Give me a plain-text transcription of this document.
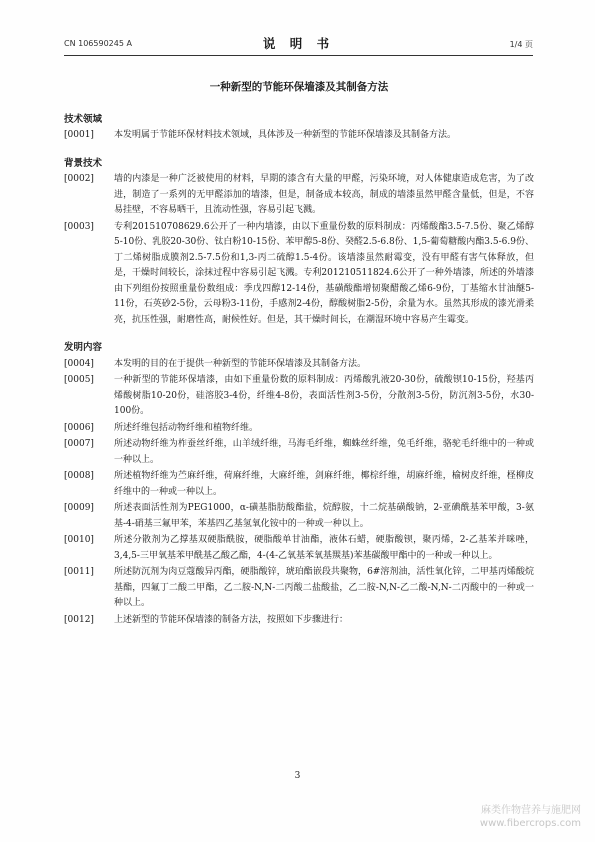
CN 106590245 A	说 明 书	1/4 页
一种新型的节能环保墙漆及其制备方法
技术领域
[0001]	本发明属于节能环保材料技术领域，具体涉及一种新型的节能环保墙漆及其制备方法。
背景技术
[0002]	墙的内漆是一种广泛被使用的材料，早期的漆含有大量的甲醛，污染环境，对人体健康造成危害，为了改进，制造了一系列的无甲醛添加的墙漆，但是，制备成本较高，制成的墙漆虽然甲醛含量低，但是，不容易挂壁，不容易晒干，且流动性强，容易引起飞溅。
[0003]	专利201510708629.6公开了一种内墙漆，由以下重量份数的原料制成：丙烯酸酯3.5-7.5份、聚乙烯醇5-10份、乳胶20-30份、钛白粉10-15份、苯甲醇5-8份、癸醛2.5-6.8份、1,5-葡萄糖酸内酯3.5-6.9份、丁二烯树脂成膜剂2.5-7.5份和1,3-丙二硫醇1.5-4份。该墙漆虽然耐霉变，没有甲醛有害气体释放，但是，干燥时间较长，涂抹过程中容易引起飞溅。专利201210511824.6公开了一种外墙漆，所述的外墙漆由下列组份按照重量份数组成：季戊四醇12-14份，基磺酸酯增韧聚醋酸乙烯6-9份，丁基缩水甘油醚5-11份，石英砂2-5份，云母粉3-11份，手感剂2-4份，醇酸树脂2-5份，余量为水。虽然其形成的漆光滑柔亮，抗压性强，耐磨性高，耐候性好。但是，其干燥时间长，在潮湿环境中容易产生霉变。
发明内容
[0004]	本发明的目的在于提供一种新型的节能环保墙漆及其制备方法。
[0005]	一种新型的节能环保墙漆，由如下重量份数的原料制成：丙烯酸乳液20-30份，硫酸钡10-15份，羟基丙烯酸树脂10-20份，硅溶胶3-4份，纤维4-8份，表面活性剂3-5份，分散剂3-5份，防沉剂3-5份，水30-100份。
[0006]	所述纤维包括动物纤维和植物纤维。
[0007]	所述动物纤维为柞蚕丝纤维，山羊绒纤维，马海毛纤维，蜘蛛丝纤维，兔毛纤维，骆驼毛纤维中的一种或一种以上。
[0008]	所述植物纤维为苎麻纤维，荷麻纤维，大麻纤维，剑麻纤维，椰棕纤维，胡麻纤维，榆树皮纤维，柽柳皮纤维中的一种或一种以上。
[0009]	所述表面活性剂为PEG1000，α-磺基脂肪酸酯盐，烷醇胺，十二烷基磺酸钠，2-亚碘酰基苯甲酸，3-氨基-4-硝基三氟甲苯，苯基四乙基氢氧化铵中的一种或一种以上。
[0010]	所述分散剂为乙撑基双硬脂酰胺，硬脂酸单甘油酯，液体石蜡，硬脂酸钡，聚丙烯，2-乙基苯并咪唑，3,4,5-三甲氧基苯甲酰基乙酸乙酯，4-(4-乙氧基苯氧基羰基)苯基碳酸甲酯中的一种或一种以上。
[0011]	所述防沉剂为肉豆蔻酸异丙酯，硬脂酸锌，琥珀酯嵌段共聚物，6#溶剂油，活性氧化锌，二甲基丙烯酸烷基酯，四氟丁二酸二甲酯，乙二胺-N,N-二丙酸二盐酸盐，乙二胺-N,N-乙二酸-N,N-二丙酸中的一种或一种以上。
[0012]	上述新型的节能环保墙漆的制备方法，按照如下步骤进行：
3
麻类作物营养与施肥网
www.fibercrops.com
